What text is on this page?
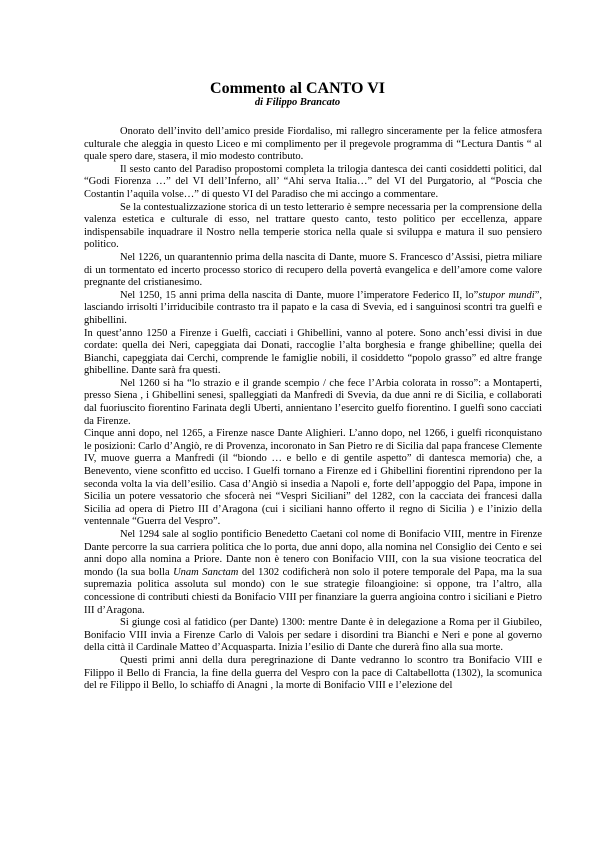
Commento al CANTO VI
di Filippo Brancato

Onorato dell’invito dell’amico preside Fiordaliso, mi rallegro sinceramente per la felice atmosfera culturale che aleggia in questo Liceo e mi complimento per il pregevole programma di “Lectura Dantis “ al quale spero dare, stasera, il mio modesto contributo.

Il sesto canto del Paradiso propostomi completa la trilogia dantesca dei canti cosiddetti politici, dal “Godi Fiorenza …” del VI dell’Inferno, all’ “Ahi serva Italia…” del VI del Purgatorio, al “Poscia che Costantin l’aquila volse…” di questo VI del Paradiso che mi accingo a commentare.

Se la contestualizzazione storica di un testo letterario è sempre necessaria per la comprensione della valenza estetica e culturale di esso, nel trattare questo canto, testo politico per eccellenza, appare indispensabile inquadrare il Nostro nella temperie storica nella quale si sviluppa e matura il suo pensiero politico.

Nel 1226, un quarantennio prima della nascita di Dante, muore S. Francesco d’Assisi, pietra miliare di un tormentato ed incerto processo storico di recupero della povertà evangelica e dell’amore come valore pregnante del cristianesimo.

Nel 1250, 15 anni prima della nascita di Dante, muore l’imperatore Federico II, lo”stupor mundi”, lasciando irrisolti l’irriducibile contrasto tra il papato e la casa di Svevia, ed i sanguinosi scontri tra guelfi e ghibellini.

In quest’anno 1250 a Firenze i Guelfi, cacciati i Ghibellini, vanno al potere. Sono anch’essi divisi in due cordate: quella dei Neri, capeggiata dai Donati, raccoglie l’alta borghesia e frange ghibelline; quella dei Bianchi, capeggiata dai Cerchi, comprende le famiglie nobili, il cosiddetto “popolo grasso” ed altre frange ghibelline. Dante sarà fra questi.

Nel 1260 si ha “lo strazio e il grande scempio / che fece l’Arbia colorata in rosso”: a Montaperti, presso Siena , i Ghibellini senesi, spalleggiati da Manfredi di Svevia, da due anni re di Sicilia, e collaborati dal fuoriuscito fiorentino Farinata degli Uberti, annientano l’esercito guelfo fiorentino. I guelfi sono cacciati da Firenze.

Cinque anni dopo, nel 1265, a Firenze nasce Dante Alighieri. L’anno dopo, nel 1266, i guelfi riconquistano le posizioni: Carlo d’Angiò, re di Provenza, incoronato in San Pietro re di Sicilia dal papa francese Clemente IV, muove guerra a Manfredi (il “biondo … e bello e di gentile aspetto” di dantesca memoria) che, a Benevento, viene sconfitto ed ucciso. I Guelfi tornano a Firenze ed i Ghibellini fiorentini riprendono per la seconda volta la via dell’esilio. Casa d’Angiò si insedia a Napoli e, forte dell’appoggio del Papa, impone in Sicilia un potere vessatorio che sfocerà nei “Vespri Siciliani” del 1282, con la cacciata dei francesi dalla Sicilia ad opera di Pietro III d’Aragona (cui i siciliani hanno offerto il regno di Sicilia ) e l’inizio della ventennale “Guerra del Vespro”.

Nel 1294 sale al soglio pontificio Benedetto Caetani col nome di Bonifacio VIII, mentre in Firenze Dante percorre la sua carriera politica che lo porta, due anni dopo, alla nomina nel Consiglio dei Cento e sei anni dopo alla nomina a Priore. Dante non è tenero con Bonifacio VIII, con la sua visione teocratica del mondo (la sua bolla Unam Sanctam del 1302 codificherà non solo il potere temporale del Papa, ma la sua supremazia politica assoluta sul mondo) con le sue strategie filoangioine: si oppone, tra l’altro, alla concessione di contributi chiesti da Bonifacio VIII per finanziare la guerra angioina contro i siciliani e Pietro III d’Aragona.

Si giunge così al fatidico (per Dante) 1300: mentre Dante è in delegazione a Roma per il Giubileo, Bonifacio VIII invia a Firenze Carlo di Valois per sedare i disordini tra Bianchi e Neri e pone al governo della città il Cardinale Matteo d’Acquasparta. Inizia l’esilio di Dante che durerà fino alla sua morte.

Questi primi anni della dura peregrinazione di Dante vedranno lo scontro tra Bonifacio VIII e Filippo il Bello di Francia, la fine della guerra del Vespro con la pace di Caltabellotta (1302), la scomunica del re Filippo il Bello, lo schiaffo di Anagni , la morte di Bonifacio VIII e l’elezione del
